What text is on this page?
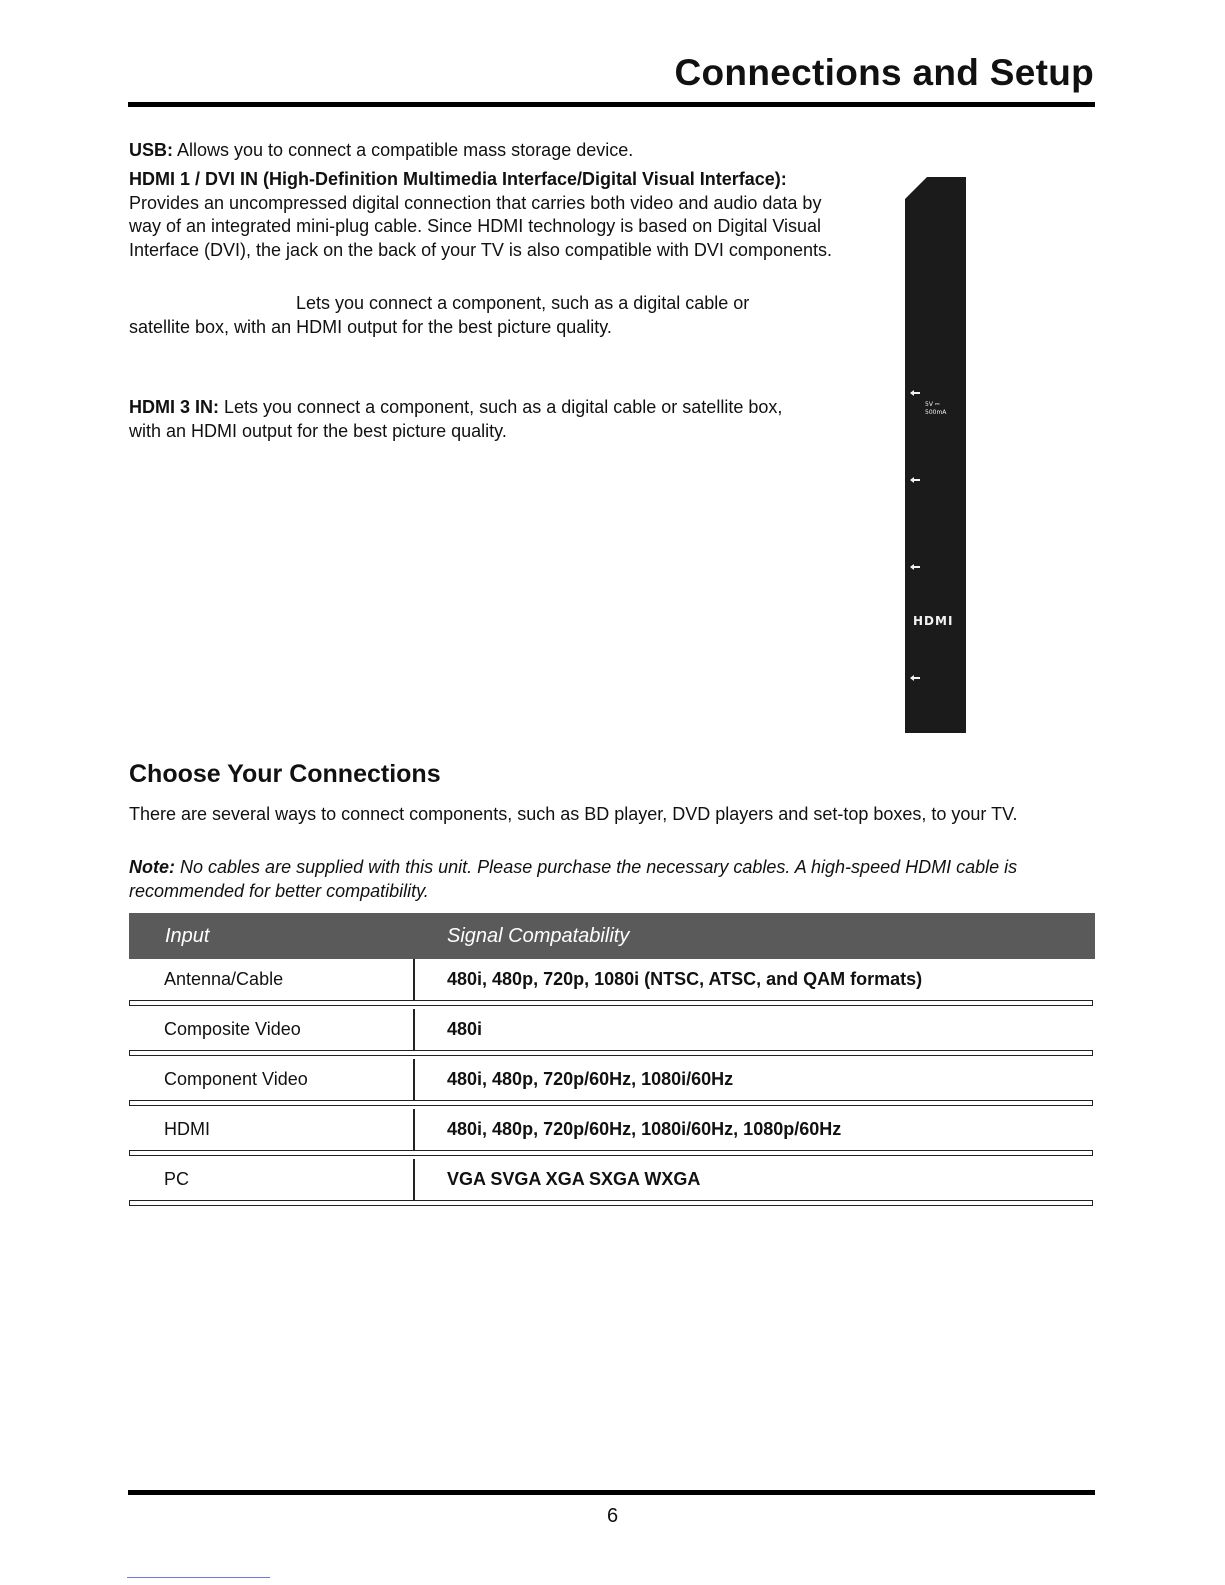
Connections and Setup
USB: Allows you to connect a compatible mass storage device.
HDMI 1 / DVI IN (High-Definition Multimedia Interface/Digital Visual Interface): Provides an uncompressed digital connection that carries both video and audio data by way of an integrated mini-plug cable. Since HDMI technology is based on Digital Visual Interface (DVI), the jack on the back of your TV is also compatible with DVI components.
Lets you connect a component, such as a digital cable or satellite box, with an HDMI output for the best picture quality.
HDMI 3 IN: Lets you connect a component, such as a digital cable or satellite box, with an HDMI output for the best picture quality.
5V ⎓
500mA
HDMI
Choose Your Connections
There are several ways to connect components, such as BD player, DVD players and set-top boxes, to your TV.
Note: No cables are supplied with this unit. Please purchase the necessary cables. A high-speed HDMI cable is recommended for better compatibility.
Input	Signal Compatability
Antenna/Cable	480i, 480p, 720p, 1080i (NTSC, ATSC, and QAM formats)
Composite Video	480i
Component Video	480i, 480p, 720p/60Hz, 1080i/60Hz
HDMI	480i, 480p, 720p/60Hz, 1080i/60Hz, 1080p/60Hz
PC	VGA SVGA XGA SXGA WXGA
6
